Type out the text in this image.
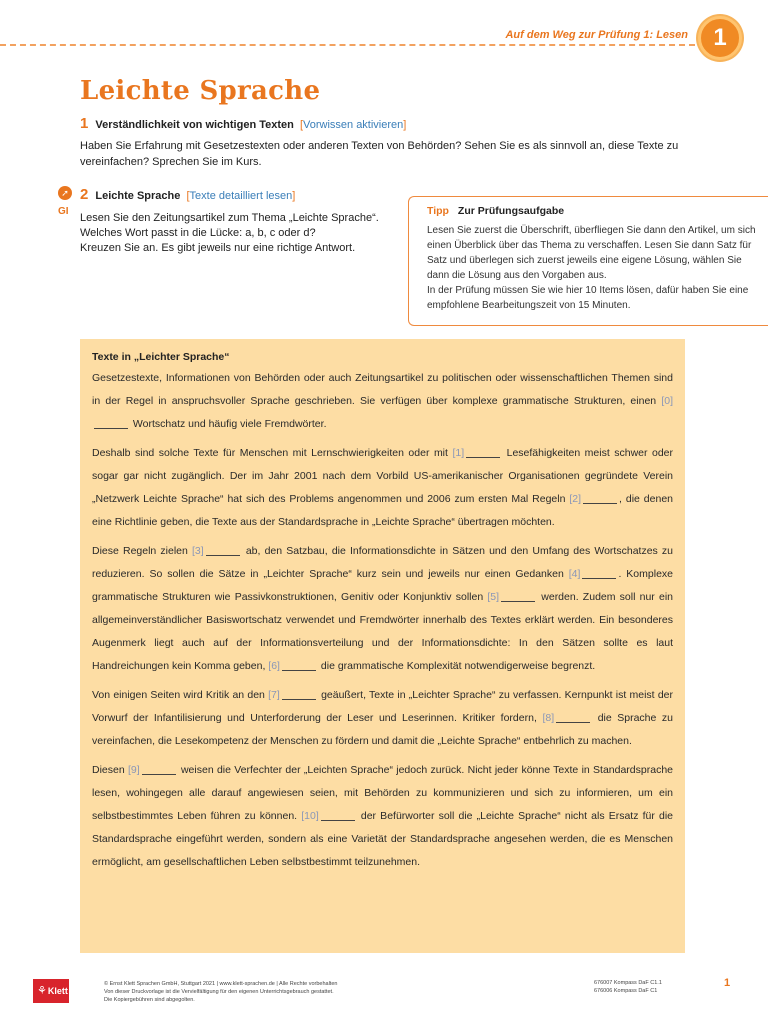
Auf dem Weg zur Prüfung 1: Lesen	1
Leichte Sprache
1 Verständlichkeit von wichtigen Texten [Vorwissen aktivieren]

Haben Sie Erfahrung mit Gesetzestexten oder anderen Texten von Behörden? Sehen Sie es als sinnvoll an, diese Texte zu vereinfachen? Sprechen Sie im Kurs.

➚
GI
2 Leichte Sprache [Texte detailliert lesen]
Lesen Sie den Zeitungsartikel zum Thema „Leichte Sprache“.
Welches Wort passt in die Lücke: a, b, c oder d?
Kreuzen Sie an. Es gibt jeweils nur eine richtige Antwort.
Tipp Zur Prüfungsaufgabe

Lesen Sie zuerst die Überschrift, überfliegen Sie dann den Artikel, um sich einen Überblick über das Thema zu verschaffen. Lesen Sie dann Satz für Satz und überlegen sich zuerst jeweils eine eigene Lösung, wählen Sie dann die Lösung aus den Vorgaben aus.

In der Prüfung müssen Sie wie hier 10 Items lösen, dafür haben Sie eine empfohlene Bearbeitungszeit von 15 Minuten.

Texte in „Leichter Sprache“

Gesetzestexte, Informationen von Behörden oder auch Zeitungsartikel zu politischen oder wissenschaftlichen Themen sind in der Regel in anspruchsvoller Sprache geschrieben. Sie verfügen über komplexe grammatische Strukturen, einen [0] Wortschatz und häufig viele Fremdwörter.

Deshalb sind solche Texte für Menschen mit Lernschwierigkeiten oder mit [1]	Lesefähigkeiten meist schwer oder sogar gar nicht zugänglich. Der im Jahr 2001 nach dem Vorbild US-amerikanischer Organisationen gegründete Verein „Netzwerk Leichte Sprache“ hat sich des Problems angenommen und 2006 zum ersten Mal Regeln [2]	, die denen eine Richtlinie geben, die Texte aus der Standardsprache in „Leichte Sprache“ übertragen möchten.

Diese Regeln zielen [3]	ab, den Satzbau, die Informationsdichte in Sätzen und den Umfang des Wortschatzes zu reduzieren. So sollen die Sätze in „Leichter Sprache“ kurz sein und jeweils nur einen Gedanken [4]	. Komplexe grammatische Strukturen wie Passivkonstruktionen, Genitiv oder Konjunktiv sollen [5]	werden. Zudem soll nur ein allgemeinverständlicher Basiswortschatz verwendet und Fremdwörter innerhalb des Textes erklärt werden. Ein besonderes Augenmerk liegt auch auf der Informationsverteilung und der Informationsdichte: In den Sätzen sollte es laut Handreichungen kein Komma geben, [6]	die grammatische Komplexität notwendigerweise begrenzt.

Von einigen Seiten wird Kritik an den [7]	geäußert, Texte in „Leichter Sprache“ zu verfassen. Kernpunkt ist meist der Vorwurf der Infantilisierung und Unterforderung der Leser und Leserinnen. Kritiker fordern, [8]	die Sprache zu vereinfachen, die Lesekompetenz der Menschen zu fördern und damit die „Leichte Sprache“ entbehrlich zu machen.

Diesen [9]	weisen die Verfechter der „Leichten Sprache“ jedoch zurück. Nicht jeder könne Texte in Standardsprache lesen, wohingegen alle darauf angewiesen seien, mit Behörden zu kommunizieren und sich zu informieren, um ein selbstbestimmtes Leben führen zu können. [10]	der Befürworter soll die „Leichte Sprache“ nicht als Ersatz für die Standardsprache eingeführt werden, sondern als eine Varietät der Standardsprache angesehen werden, die es Menschen ermöglicht, am gesellschaftlichen Leben selbstbestimmt teilzunehmen.

⚘Klett
© Ernst Klett Sprachen GmbH, Stuttgart 2021 | www.klett-sprachen.de | Alle Rechte vorbehalten
Von dieser Druckvorlage ist die Vervielfältigung für den eigenen Unterrichtsgebrauch gestattet.
Die Kopiergebühren sind abgegolten.
676007 Kompass DaF C1.1
676006 Kompass DaF C1
1
